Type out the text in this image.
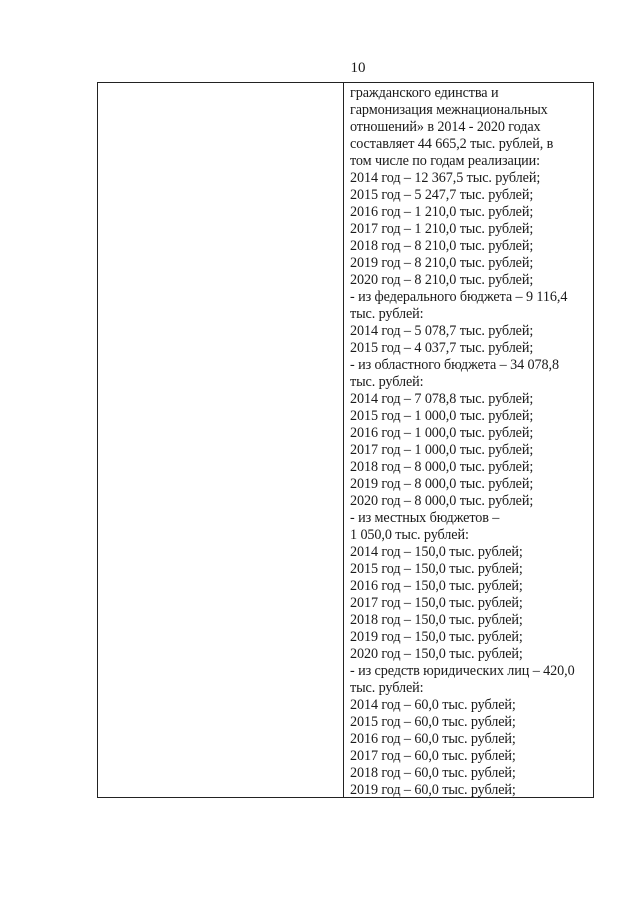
10
гражданского единства и
гармонизация межнациональных
отношений» в 2014 - 2020 годах
составляет 44 665,2 тыс. рублей, в
том числе по годам реализации:
2014 год – 12 367,5 тыс. рублей;
2015 год – 5 247,7 тыс. рублей;
2016 год – 1 210,0 тыс. рублей;
2017 год – 1 210,0 тыс. рублей;
2018 год – 8 210,0 тыс. рублей;
2019 год – 8 210,0 тыс. рублей;
2020 год – 8 210,0 тыс. рублей;
- из федерального бюджета – 9 116,4
тыс. рублей:
2014 год – 5 078,7 тыс. рублей;
2015 год – 4 037,7 тыс. рублей;
- из областного бюджета – 34 078,8
тыс. рублей:
2014 год – 7 078,8 тыс. рублей;
2015 год – 1 000,0 тыс. рублей;
2016 год – 1 000,0 тыс. рублей;
2017 год – 1 000,0 тыс. рублей;
2018 год – 8 000,0 тыс. рублей;
2019 год – 8 000,0 тыс. рублей;
2020 год – 8 000,0 тыс. рублей;
- из местных бюджетов –
1 050,0 тыс. рублей:
2014 год – 150,0 тыс. рублей;
2015 год – 150,0 тыс. рублей;
2016 год – 150,0 тыс. рублей;
2017 год – 150,0 тыс. рублей;
2018 год – 150,0 тыс. рублей;
2019 год – 150,0 тыс. рублей;
2020 год – 150,0 тыс. рублей;
- из средств юридических лиц – 420,0
тыс. рублей:
2014 год – 60,0 тыс. рублей;
2015 год – 60,0 тыс. рублей;
2016 год – 60,0 тыс. рублей;
2017 год – 60,0 тыс. рублей;
2018 год – 60,0 тыс. рублей;
2019 год – 60,0 тыс. рублей;
